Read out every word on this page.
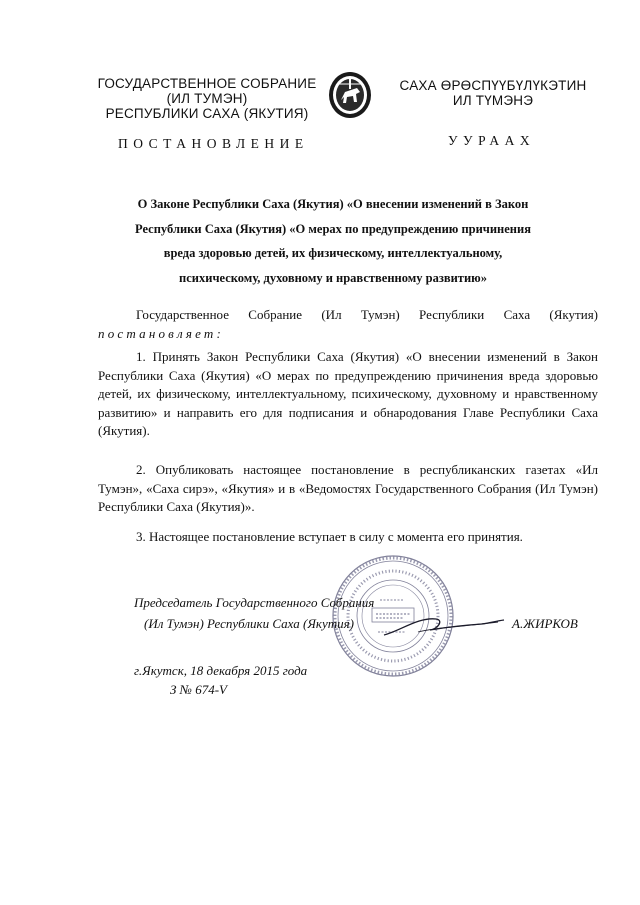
ГОСУДАРСТВЕННОЕ СОБРАНИЕ
(ИЛ ТУМЭН)
РЕСПУБЛИКИ САХА (ЯКУТИЯ)
САХА ӨРӨСПҮҮБҮЛҮКЭТИН
ИЛ ТҮМЭНЭ
ПОСТАНОВЛЕНИЕ	УУРААХ
О Законе Республики Саха (Якутия) «О внесении изменений в Закон
Республики Саха (Якутия) «О мерах по предупреждению причинения
вреда здоровью детей, их физическому, интеллектуальному,
психическому, духовному и нравственному развитию»
Государственное Собрание (Ил Тумэн) Республики Саха (Якутия)
постановляет:
1. Принять Закон Республики Саха (Якутия) «О внесении изменений в Закон Республики Саха (Якутия) «О мерах по предупреждению причинения вреда здоровью детей, их физическому, интеллектуальному, психическому, духовному и нравственному развитию» и направить его для подписания и обнародования Главе Республики Саха (Якутия).
2. Опубликовать настоящее постановление в республиканских газетах «Ил Тумэн», «Саха сирэ», «Якутия» и в «Ведомостях Государственного Собрания (Ил Тумэн) Республики Саха (Якутия)».
3. Настоящее постановление вступает в силу с момента его принятия.
Председатель Государственного Собрания
(Ил Тумэн) Республики Саха (Якутия)	А.ЖИРКОВ
г.Якутск, 18 декабря 2015 года
З № 674-V
